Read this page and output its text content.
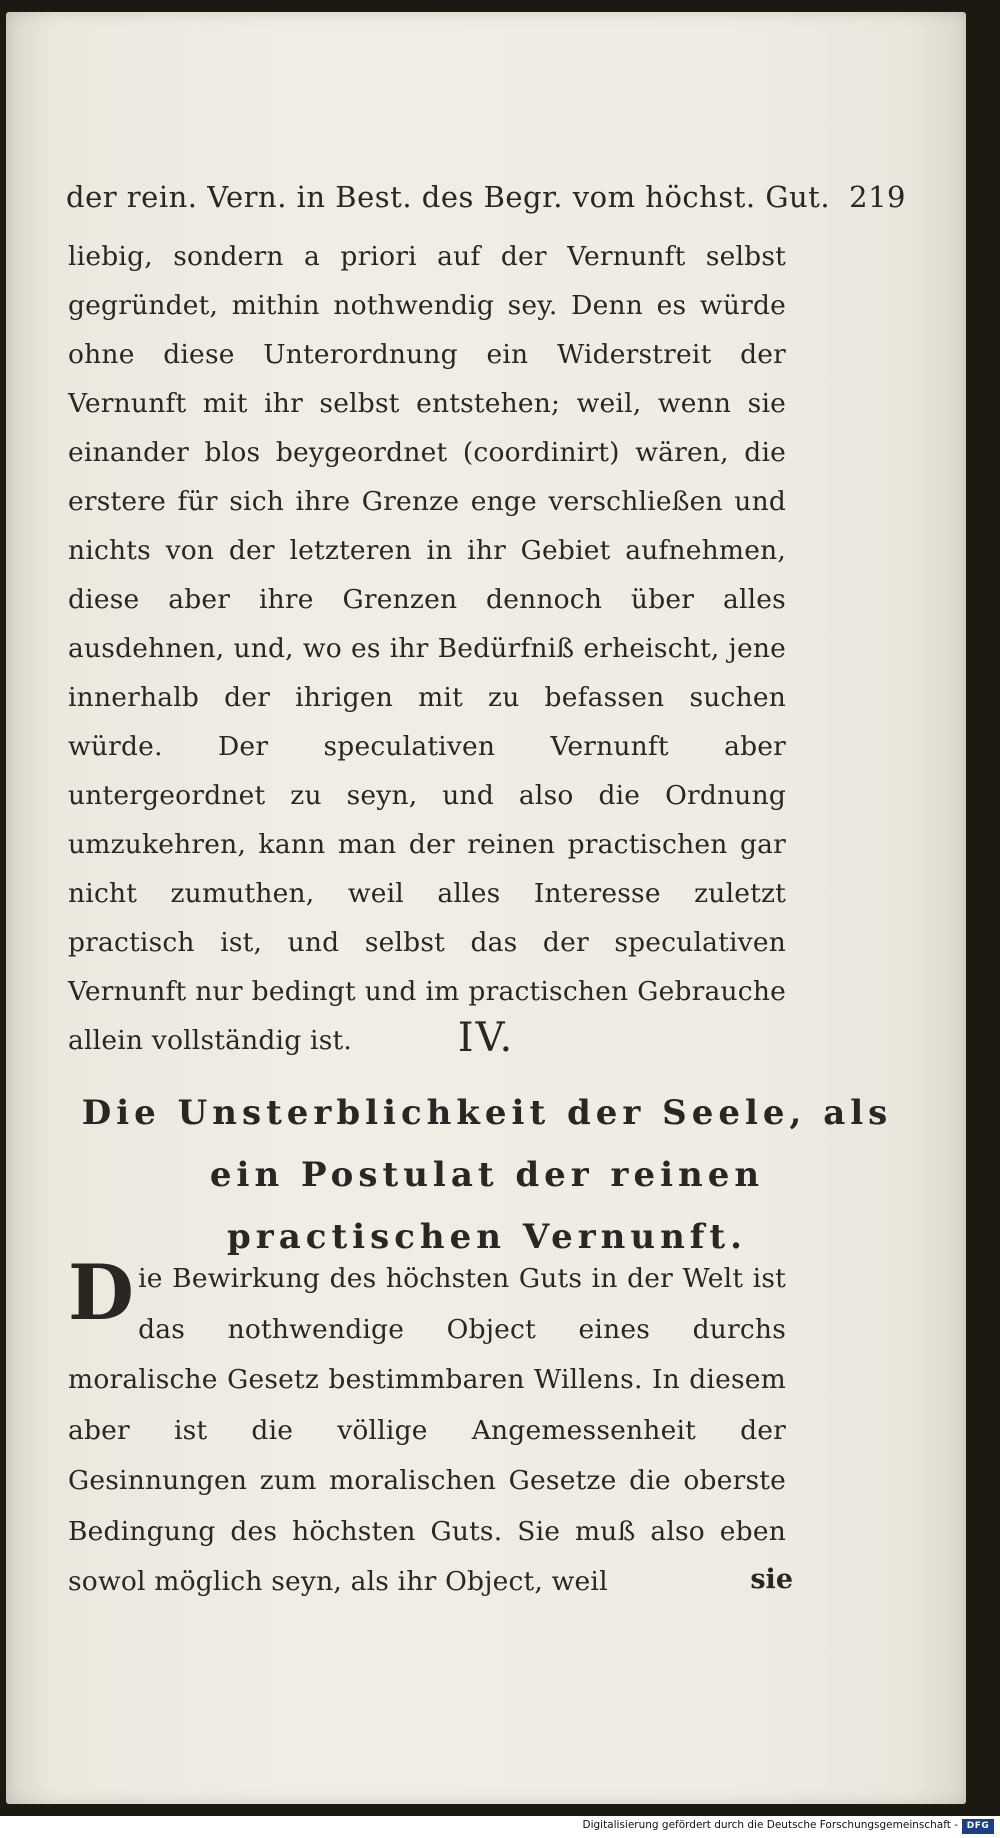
der rein. Vern. in Best. des Begr. vom höchst. Gut. 219

liebig, sondern a priori auf der Vernunft selbst gegründet, mithin nothwendig sey. Denn es würde ohne diese Unterordnung ein Widerstreit der Vernunft mit ihr selbst entstehen; weil, wenn sie einander blos beygeordnet (coordinirt) wären, die erstere für sich ihre Grenze enge verschließen und nichts von der letzteren in ihr Gebiet aufnehmen, diese aber ihre Grenzen dennoch über alles ausdehnen, und, wo es ihr Bedürfniß erheischt, jene innerhalb der ihrigen mit zu befassen suchen würde. Der speculativen Vernunft aber untergeordnet zu seyn, und also die Ordnung umzukehren, kann man der reinen practischen gar nicht zumuthen, weil alles Interesse zuletzt practisch ist, und selbst das der speculativen Vernunft nur bedingt und im practischen Gebrauche allein vollständig ist.	IV.
Die Unsterblichkeit der Seele, als ein Postulat der reinen practischen Vernunft.

Die Bewirkung des höchsten Guts in der Welt ist das nothwendige Object eines durchs moralische Gesetz bestimmbaren Willens. In diesem aber ist die völlige Angemessenheit der Gesinnungen zum moralischen Gesetze die oberste Bedingung des höchsten Guts. Sie muß also eben sowol möglich seyn, als ihr Object, weil	sie
Digitalisierung gefördert durch die Deutsche Forschungsgemeinschaft - DFG
